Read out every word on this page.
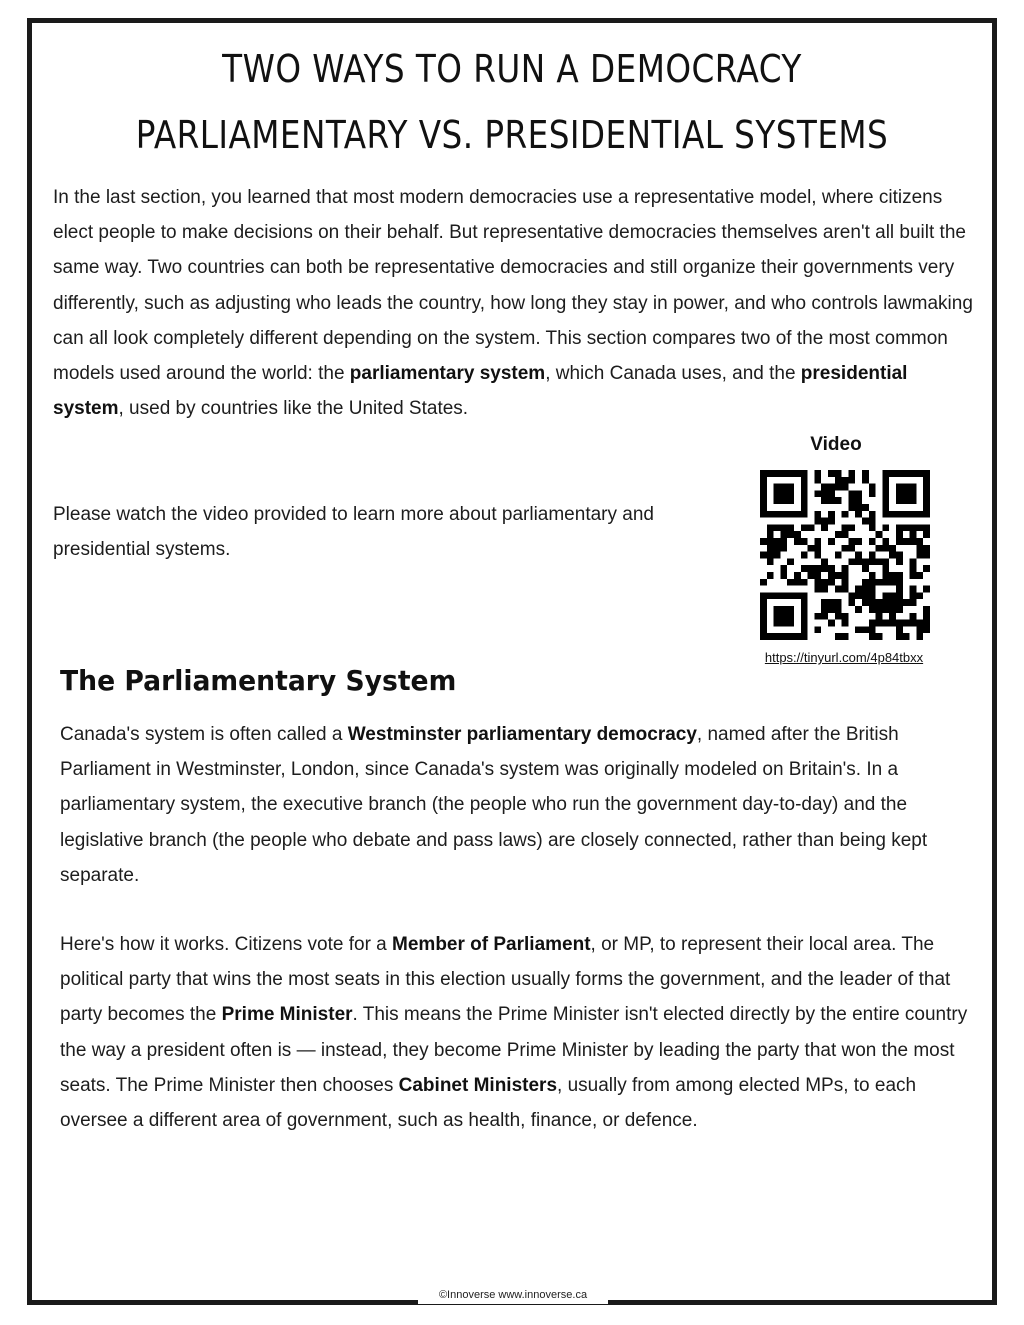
TWO WAYS TO RUN A DEMOCRACY
PARLIAMENTARY VS. PRESIDENTIAL SYSTEMS

In the last section, you learned that most modern democracies use a representative model, where citizens elect people to make decisions on their behalf. But representative democracies themselves aren't all built the same way. Two countries can both be representative democracies and still organize their governments very differently, such as adjusting who leads the country, how long they stay in power, and who controls lawmaking can all look completely different depending on the system. This section compares two of the most common models used around the world: the parliamentary system, which Canada uses, and the presidential system, used by countries like the United States.

Please watch the video provided to learn more about parliamentary and presidential systems.

Video
https://tinyurl.com/4p84tbxx
The Parliamentary System

Canada's system is often called a Westminster parliamentary democracy, named after the British Parliament in Westminster, London, since Canada's system was originally modeled on Britain's. In a parliamentary system, the executive branch (the people who run the government day-to-day) and the legislative branch (the people who debate and pass laws) are closely connected, rather than being kept separate.

Here's how it works. Citizens vote for a Member of Parliament, or MP, to represent their local area. The political party that wins the most seats in this election usually forms the government, and the leader of that party becomes the Prime Minister. This means the Prime Minister isn't elected directly by the entire country the way a president often is — instead, they become Prime Minister by leading the party that won the most seats. The Prime Minister then chooses Cabinet Ministers, usually from among elected MPs, to each oversee a different area of government, such as health, finance, or defence.

©Innoverse www.innoverse.ca
